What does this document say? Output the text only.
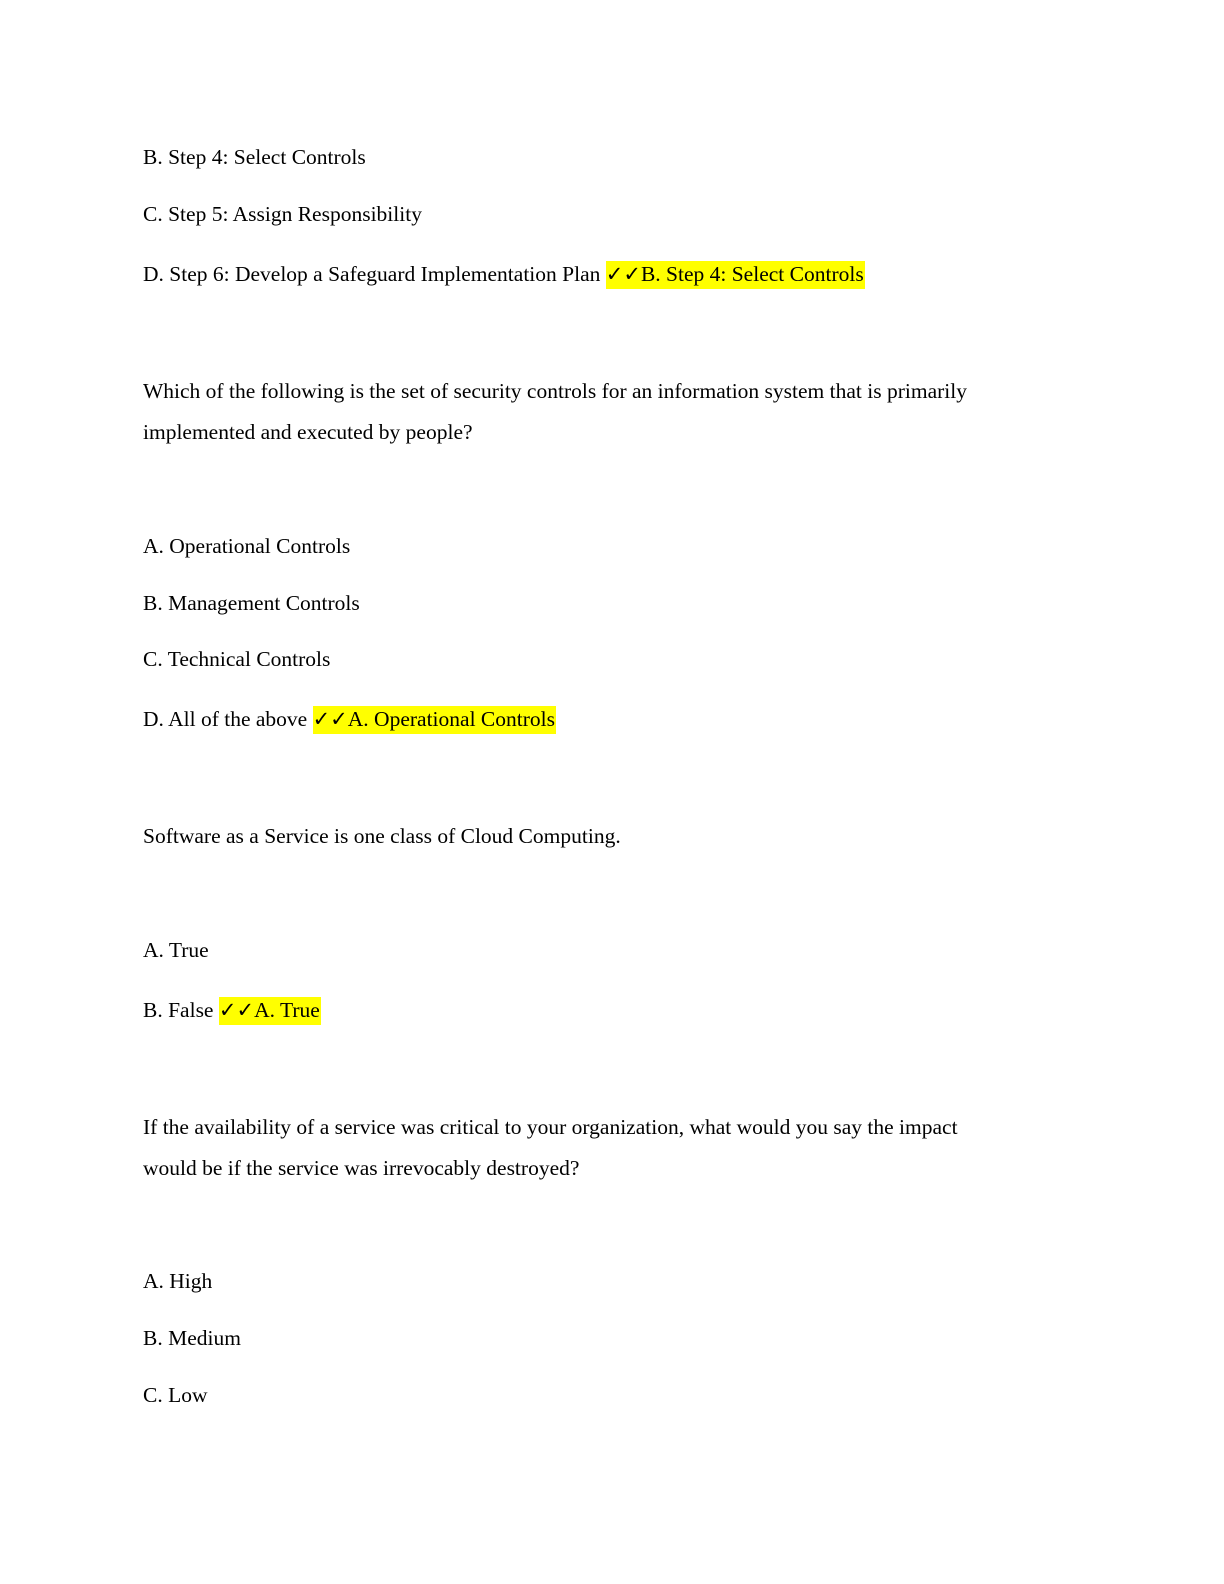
B. Step 4: Select Controls
C. Step 5: Assign Responsibility
D. Step 6: Develop a Safeguard Implementation Plan ✓✓B. Step 4: Select Controls
Which of the following is the set of security controls for an information system that is primarily
implemented and executed by people?
A. Operational Controls
B. Management Controls
C. Technical Controls
D. All of the above ✓✓A. Operational Controls
Software as a Service is one class of Cloud Computing.
A. True
B. False ✓✓A. True
If the availability of a service was critical to your organization, what would you say the impact
would be if the service was irrevocably destroyed?
A. High
B. Medium
C. Low
